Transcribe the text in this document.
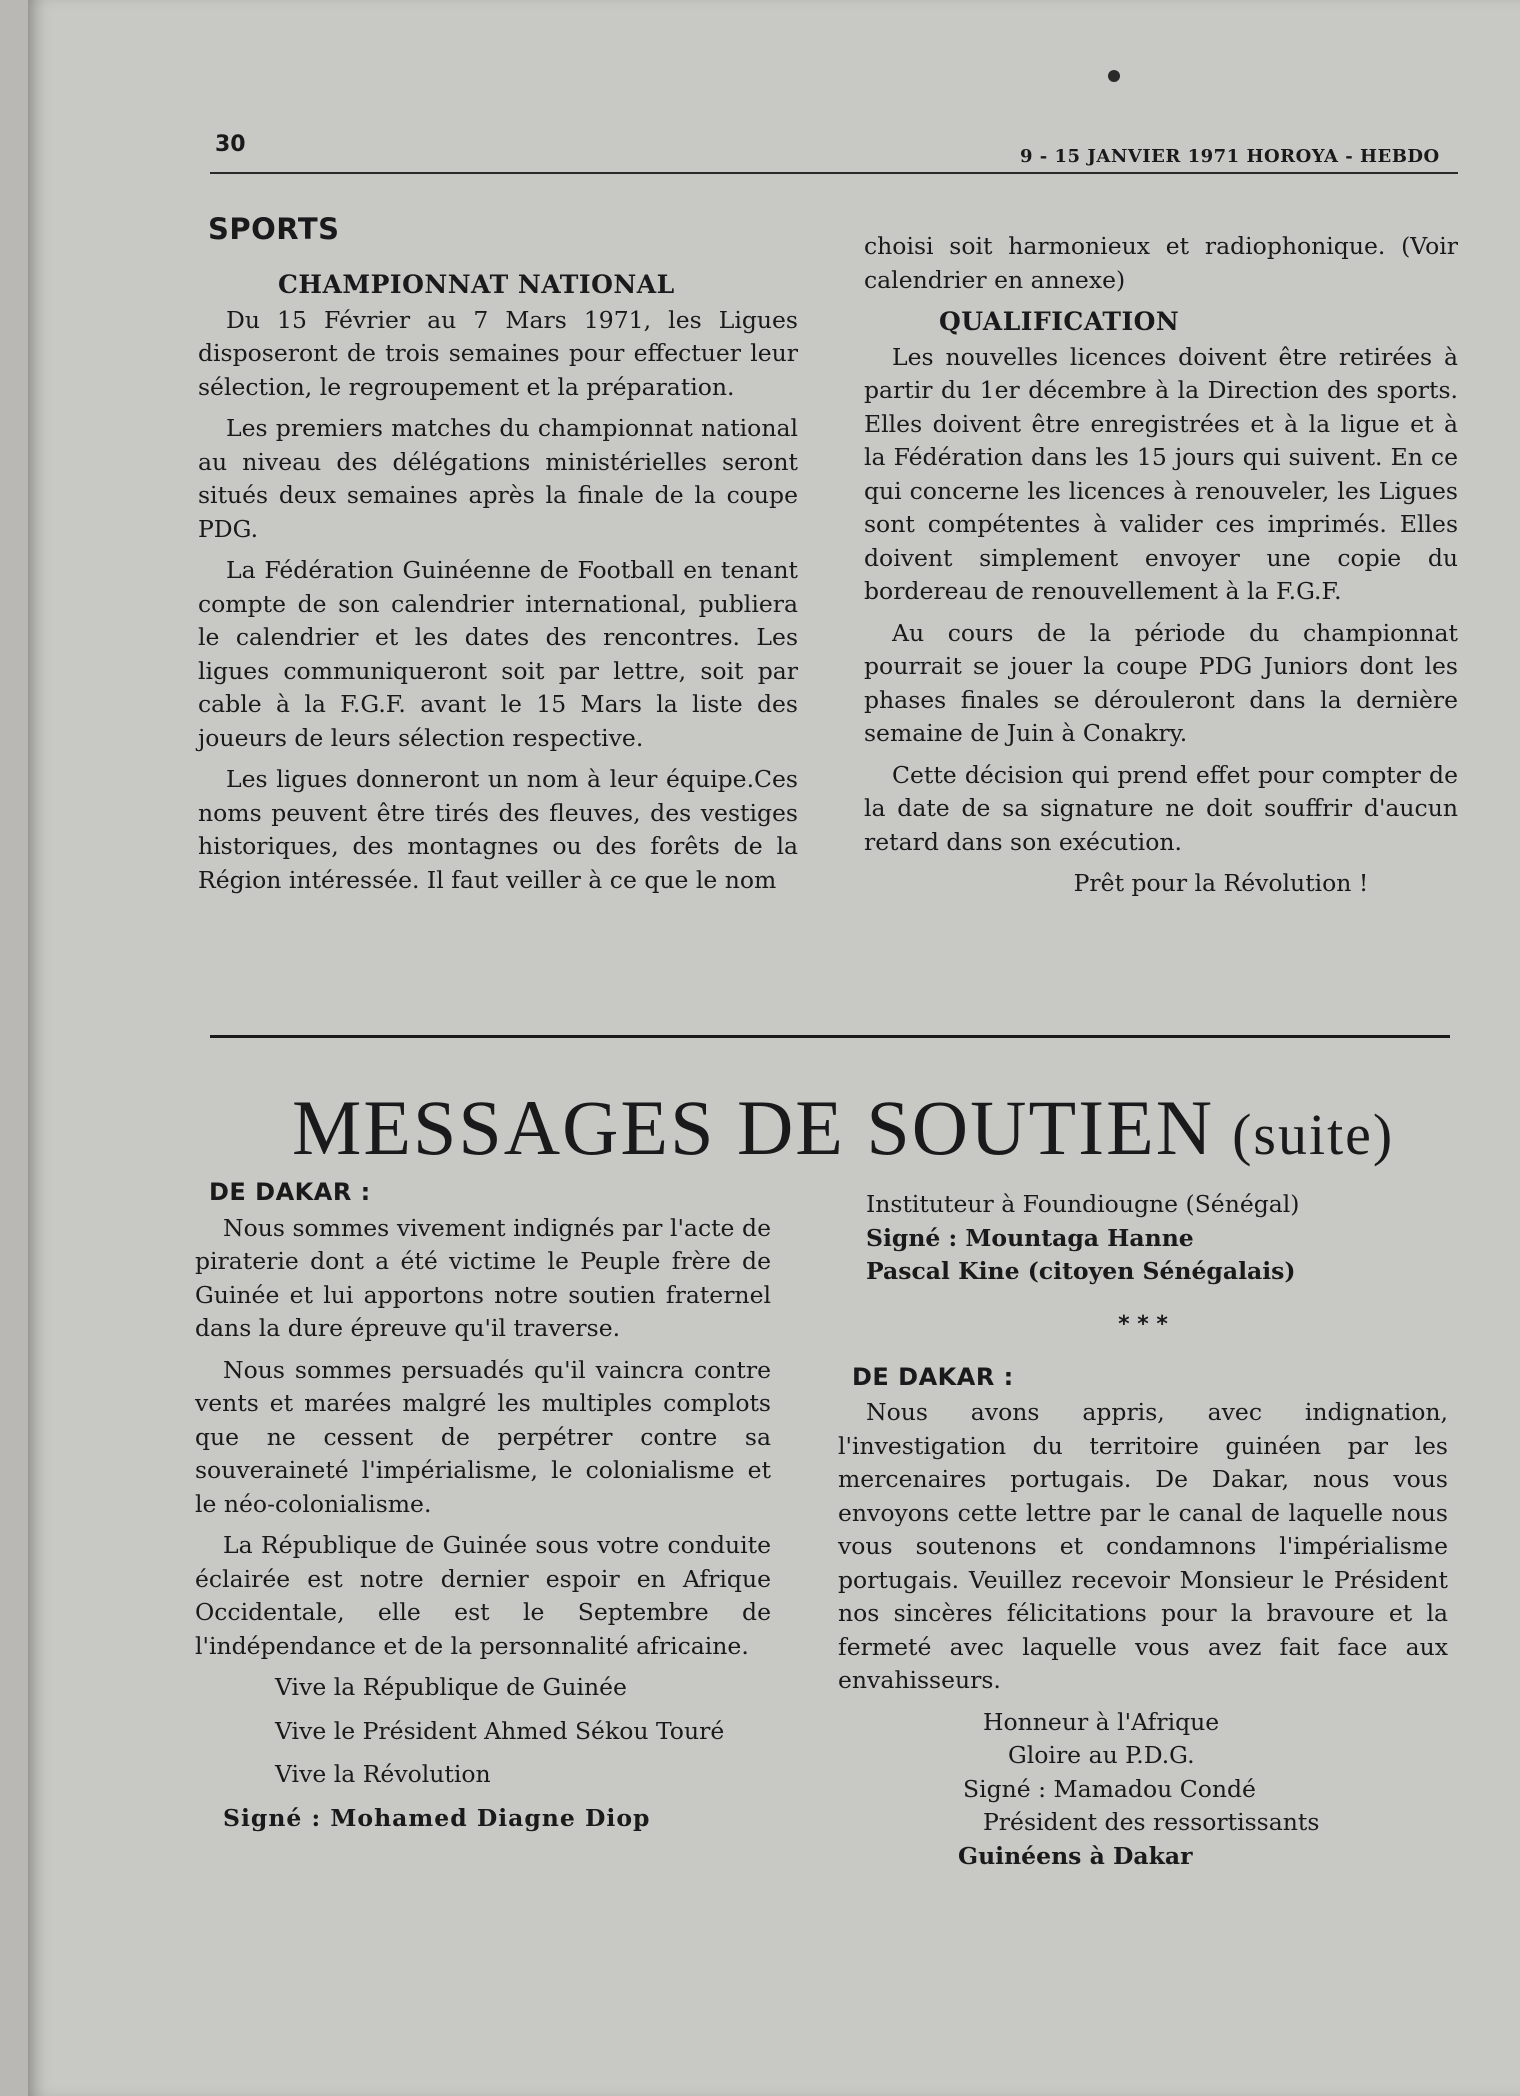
30	9 - 15 JANVIER 1971 HOROYA - HEBDO
SPORTS
CHAMPIONNAT NATIONAL

Du 15 Février au 7 Mars 1971, les Ligues disposeront de trois semaines pour effectuer leur sélection, le regroupement et la préparation.

Les premiers matches du championnat national au niveau des délégations ministérielles seront situés deux semaines après la finale de la coupe PDG.

La Fédération Guinéenne de Football en tenant compte de son calendrier international, publiera le calendrier et les dates des rencontres. Les ligues communiqueront soit par lettre, soit par cable à la F.G.F. avant le 15 Mars la liste des joueurs de leurs sélection respective.

Les ligues donneront un nom à leur équipe.Ces noms peuvent être tirés des fleuves, des vestiges historiques, des montagnes ou des forêts de la Région intéressée. Il faut veiller à ce que le nom

choisi soit harmonieux et radiophonique. (Voir calendrier en annexe)

QUALIFICATION

Les nouvelles licences doivent être retirées à partir du 1er décembre à la Direction des sports. Elles doivent être enregistrées et à la ligue et à la Fédération dans les 15 jours qui suivent. En ce qui concerne les licences à renouveler, les Ligues sont compétentes à valider ces imprimés. Elles doivent simplement envoyer une copie du bordereau de renouvellement à la F.G.F.

Au cours de la période du championnat pourrait se jouer la coupe PDG Juniors dont les phases finales se dérouleront dans la dernière semaine de Juin à Conakry.

Cette décision qui prend effet pour compter de la date de sa signature ne doit souffrir d'aucun retard dans son exécution.

Prêt pour la Révolution !

MESSAGES DE SOUTIEN (suite)
DE DAKAR :

Nous sommes vivement indignés par l'acte de piraterie dont a été victime le Peuple frère de Guinée et lui apportons notre soutien fraternel dans la dure épreuve qu'il traverse.

Nous sommes persuadés qu'il vaincra contre vents et marées malgré les multiples complots que ne cessent de perpétrer contre sa souveraineté l'impérialisme, le colonialisme et le néo-colonialisme.

La République de Guinée sous votre conduite éclairée est notre dernier espoir en Afrique Occidentale, elle est le Septembre de l'indépendance et de la personnalité africaine.

Vive la République de Guinée

Vive le Président Ahmed Sékou Touré

Vive la Révolution

Signé : Mohamed Diagne Diop

Instituteur à Foundiougne (Sénégal)

Signé : Mountaga Hanne

Pascal Kine (citoyen Sénégalais)

* * *
DE DAKAR :

Nous avons appris, avec indignation, l'investigation du territoire guinéen par les mercenaires portugais. De Dakar, nous vous envoyons cette lettre par le canal de laquelle nous vous soutenons et condamnons l'impérialisme portugais. Veuillez recevoir Monsieur le Président nos sincères félicitations pour la bravoure et la fermeté avec laquelle vous avez fait face aux envahisseurs.

Honneur à l'Afrique

Gloire au P.D.G.

Signé : Mamadou Condé

Président des ressortissants

Guinéens à Dakar
